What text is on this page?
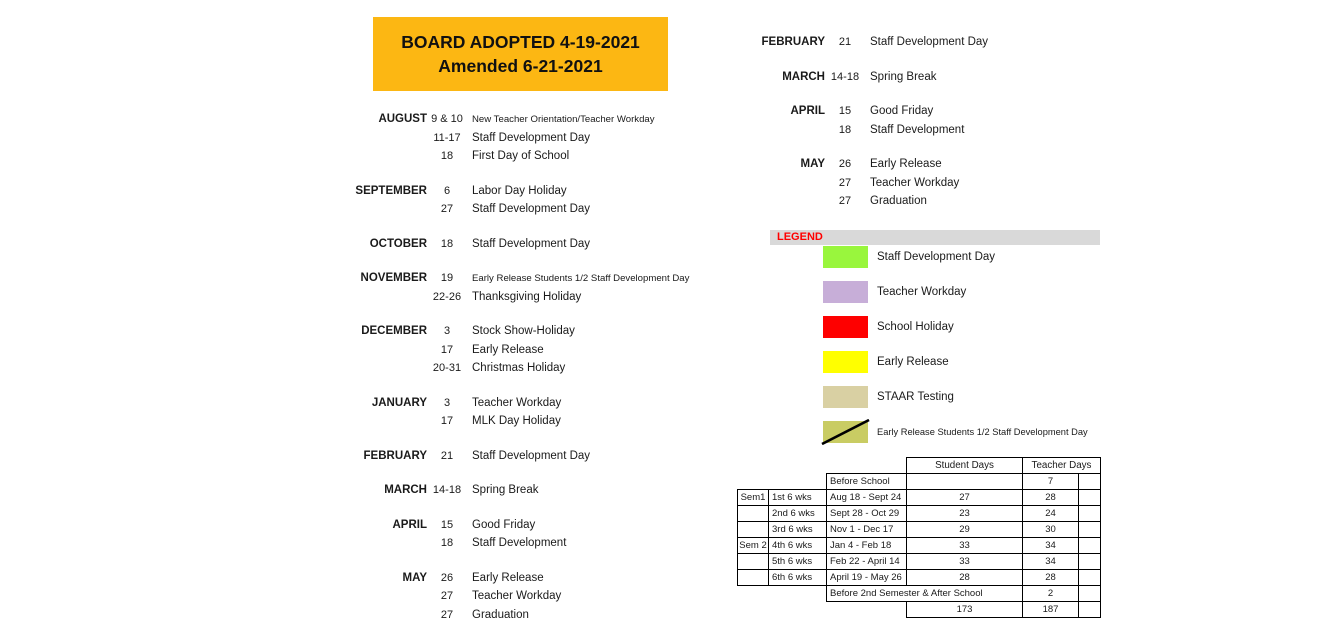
BOARD ADOPTED 4-19-2021
Amended 6-21-2021
AUGUST 9 & 10 New Teacher Orientation/Teacher Workday
11-17 Staff Development Day
18	First Day of School
SEPTEMBER	6	Labor Day Holiday
27	Staff Development Day
OCTOBER	18	Staff Development Day
NOVEMBER	19	Early Release Students 1/2 Staff Development Day
22-26 Thanksgiving Holiday
DECEMBER	3	Stock Show-Holiday
17	Early Release
20-31 Christmas Holiday
JANUARY	3	Teacher Workday
17	MLK Day Holiday
FEBRUARY	21	Staff Development Day
MARCH 14-18 Spring Break
APRIL	15	Good Friday
18	Staff Development
MAY	26	Early Release
27	Teacher Workday
27	Graduation
FEBRUARY	21	Staff Development Day
MARCH 14-18 Spring Break
APRIL	15	Good Friday
18	Staff Development
MAY	26	Early Release
27	Teacher Workday
27	Graduation
LEGEND
Staff Development Day
Teacher Workday
School Holiday
Early Release
STAAR Testing
Early Release Students 1/2 Staff Development Day
			Student Days	Teacher Days	
		Before School		7	
Sem1	1st 6 wks	Aug 18 - Sept 24	27	28	
	2nd 6 wks	Sept 28 - Oct 29	23	24	
	3rd 6 wks	Nov 1 - Dec 17	29	30	
Sem 2	4th 6 wks	Jan 4 - Feb 18	33	34	
	5th 6 wks	Feb 22 - April 14	33	34	
	6th 6 wks	April 19 - May 26	28	28	
		Before 2nd Semester & After School		2	
			173	187	
